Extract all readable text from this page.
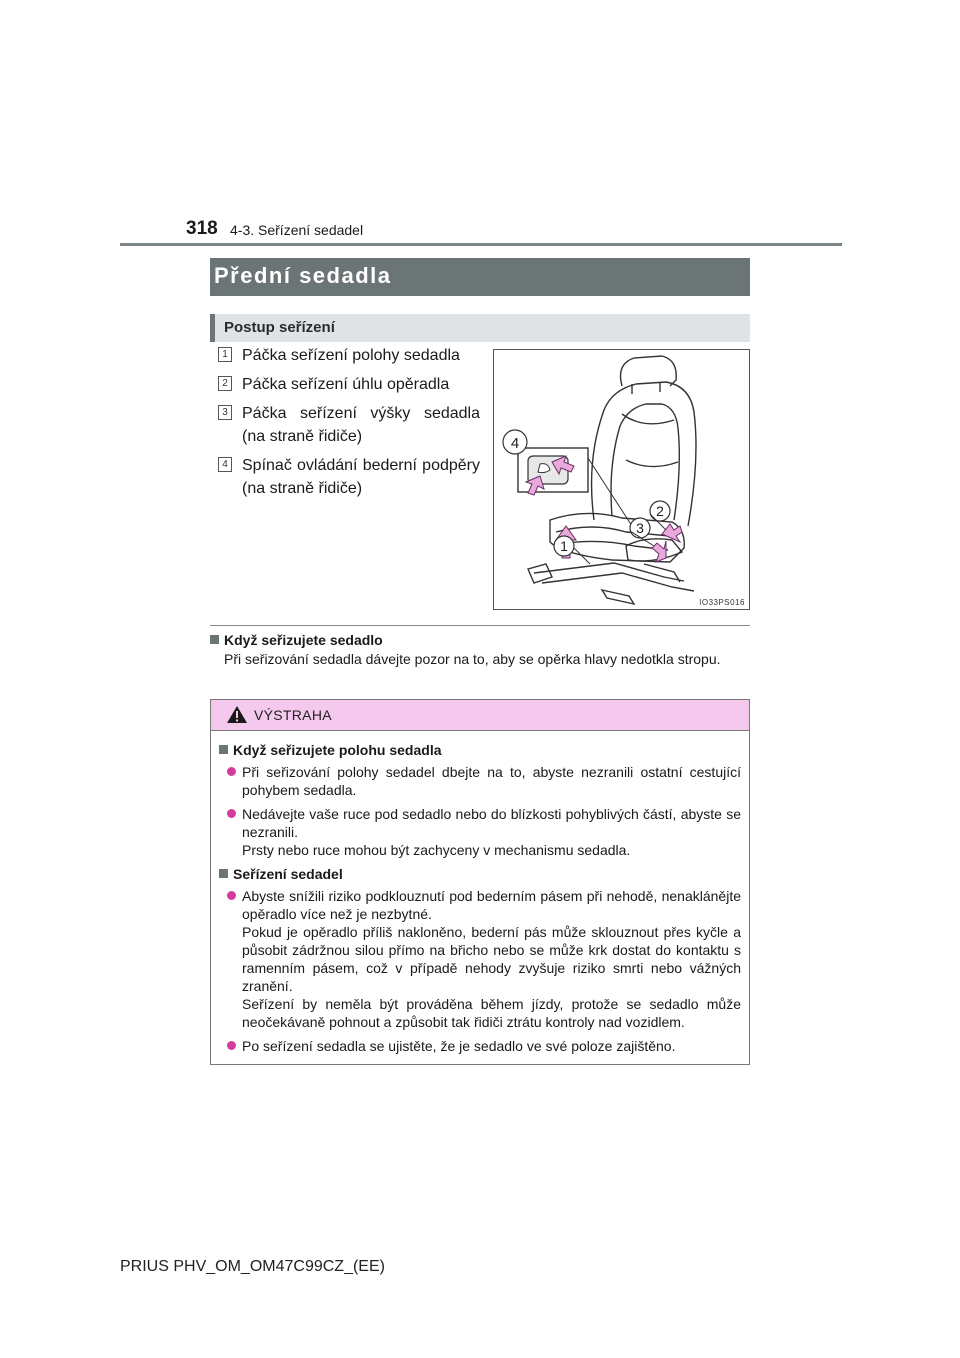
318 4-3. Seřízení sedadel
Přední sedadla
Postup seřízení
1 Páčka seřízení polohy sedadla
2 Páčka seřízení úhlu opěradla
3 Páčka seřízení výšky sedadla (na straně řidiče)
4 Spínač ovládání bederní podpěry (na straně řidiče)
4
2
3
1
IO33PS016
Když seřizujete sedadlo
Při seřizování sedadla dávejte pozor na to, aby se opěrka hlavy nedotkla stropu.
VÝSTRAHA
Když seřizujete polohu sedadla
Při seřizování polohy sedadel dbejte na to, abyste nezranili ostatní cestující pohybem sedadla.
Nedávejte vaše ruce pod sedadlo nebo do blízkosti pohyblivých částí, abyste se nezranili.
Prsty nebo ruce mohou být zachyceny v mechanismu sedadla.
Seřízení sedadel
Abyste snížili riziko podklouznutí pod bederním pásem při nehodě, nenaklánějte opěradlo více než je nezbytné.
Pokud je opěradlo příliš nakloněno, bederní pás může sklouznout přes kyčle a působit zádržnou silou přímo na břicho nebo se může krk dostat do kontaktu s ramenním pásem, což v případě nehody zvyšuje riziko smrti nebo vážných zranění.
Seřízení by neměla být prováděna během jízdy, protože se sedadlo může neočekávaně pohnout a způsobit tak řidiči ztrátu kontroly nad vozidlem.
Po seřízení sedadla se ujistěte, že je sedadlo ve své poloze zajištěno.
PRIUS PHV_OM_OM47C99CZ_(EE)
